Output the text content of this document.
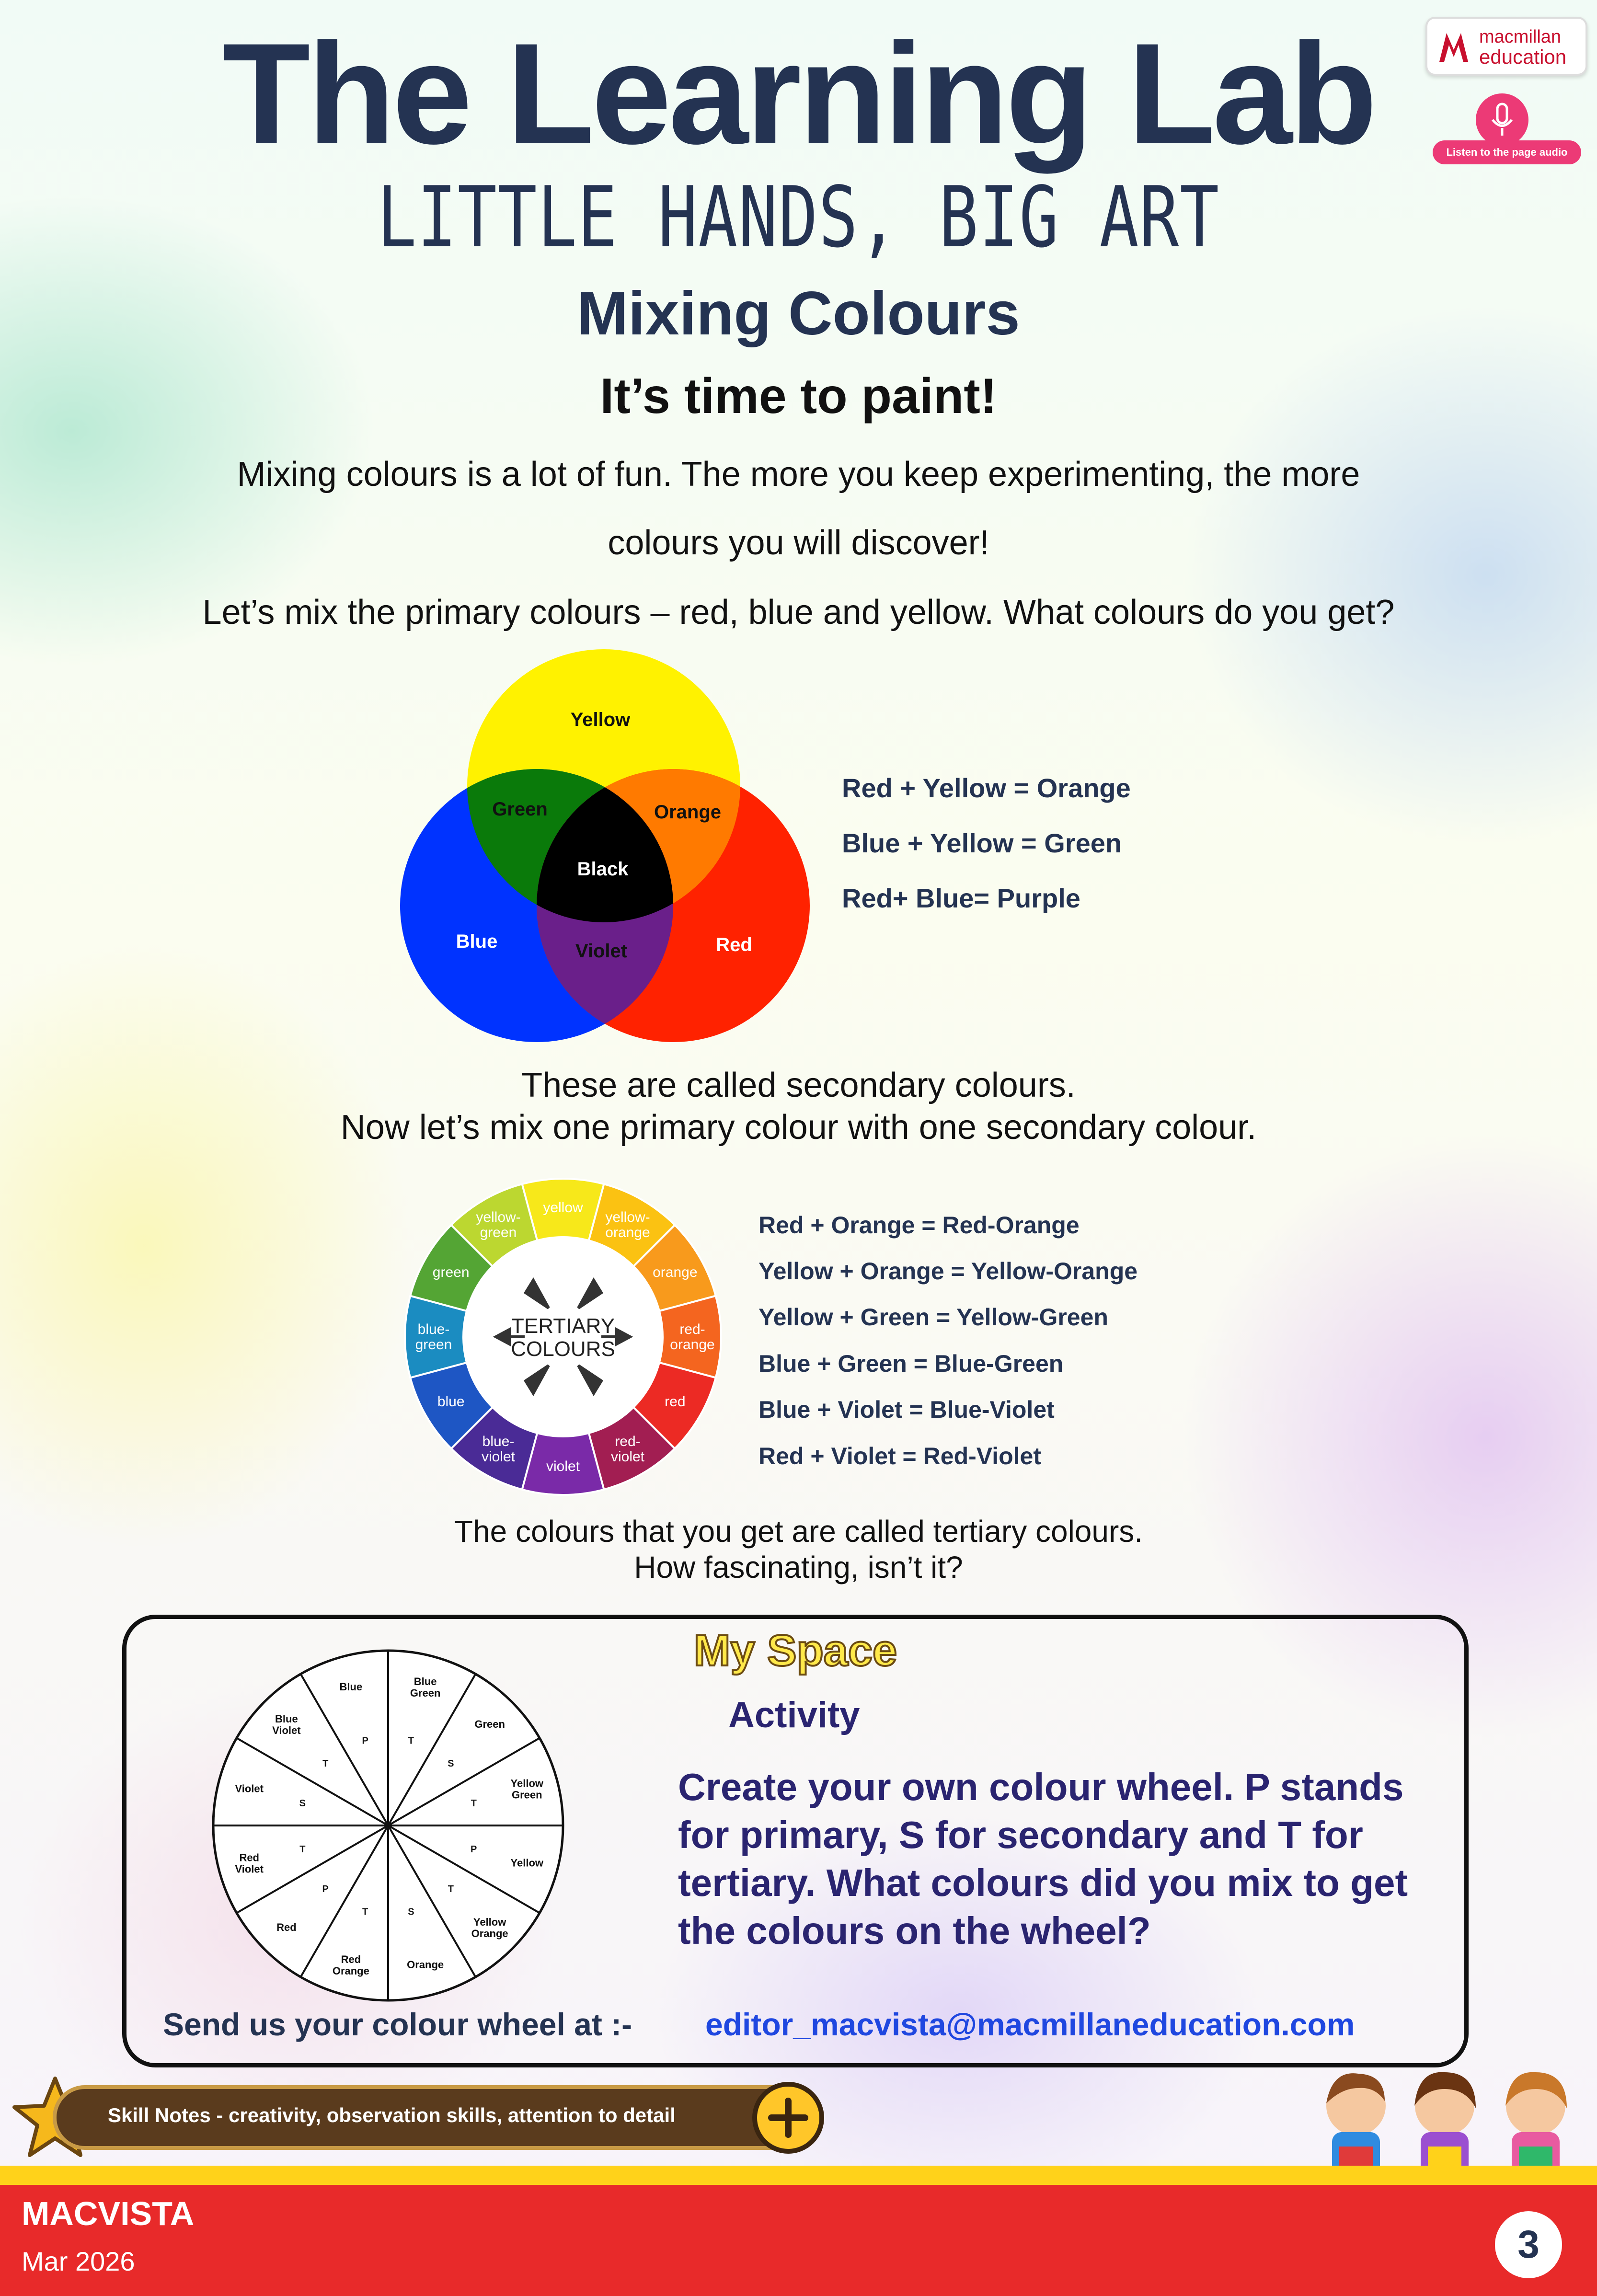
The Learning Lab
LITTLE HANDS, BIG ART
Mixing Colours
It’s time to paint!
macmillan
education
Listen to the page audio
Mixing colours is a lot of fun. The more you keep experimenting, the more
colours you will discover!
Let’s mix the primary colours – red, blue and yellow. What colours do you get?
Yellow
Green	Orange
Black
Blue	Violet	Red
Red + Yellow = Orange
Blue + Yellow = Green
Red+ Blue= Purple
These are called secondary colours.
Now let’s mix one primary colour with one secondary colour.
yellow
yellow-orange
orange
red-orange
red
red-violet
violet
blue-violet
blue
blue-green
green
yellow-green
TERTIARY
COLOURS
Red + Orange = Red-Orange
Yellow + Orange = Yellow-Orange
Yellow + Green = Yellow-Green
Blue + Green = Blue-Green
Blue + Violet = Blue-Violet
Red + Violet = Red-Violet
The colours that you get are called tertiary colours.
How fascinating, isn’t it?
My Space
Activity
Create your own colour wheel. P stands for primary, S for secondary and T for tertiary. What colours did you mix to get the colours on the wheel?
Send us your colour wheel at :- editor_macvista@macmillaneducation.com
Blue Green
T
Green
S
Yellow Green
T
Yellow
P
Yellow Orange
T
Orange
S
Red Orange
T
Red
P
Red Violet
T
Violet
S
Blue Violet
T
Blue
P
Skill Notes - creativity, observation skills, attention to detail
MACVISTA
Mar 2026	3
